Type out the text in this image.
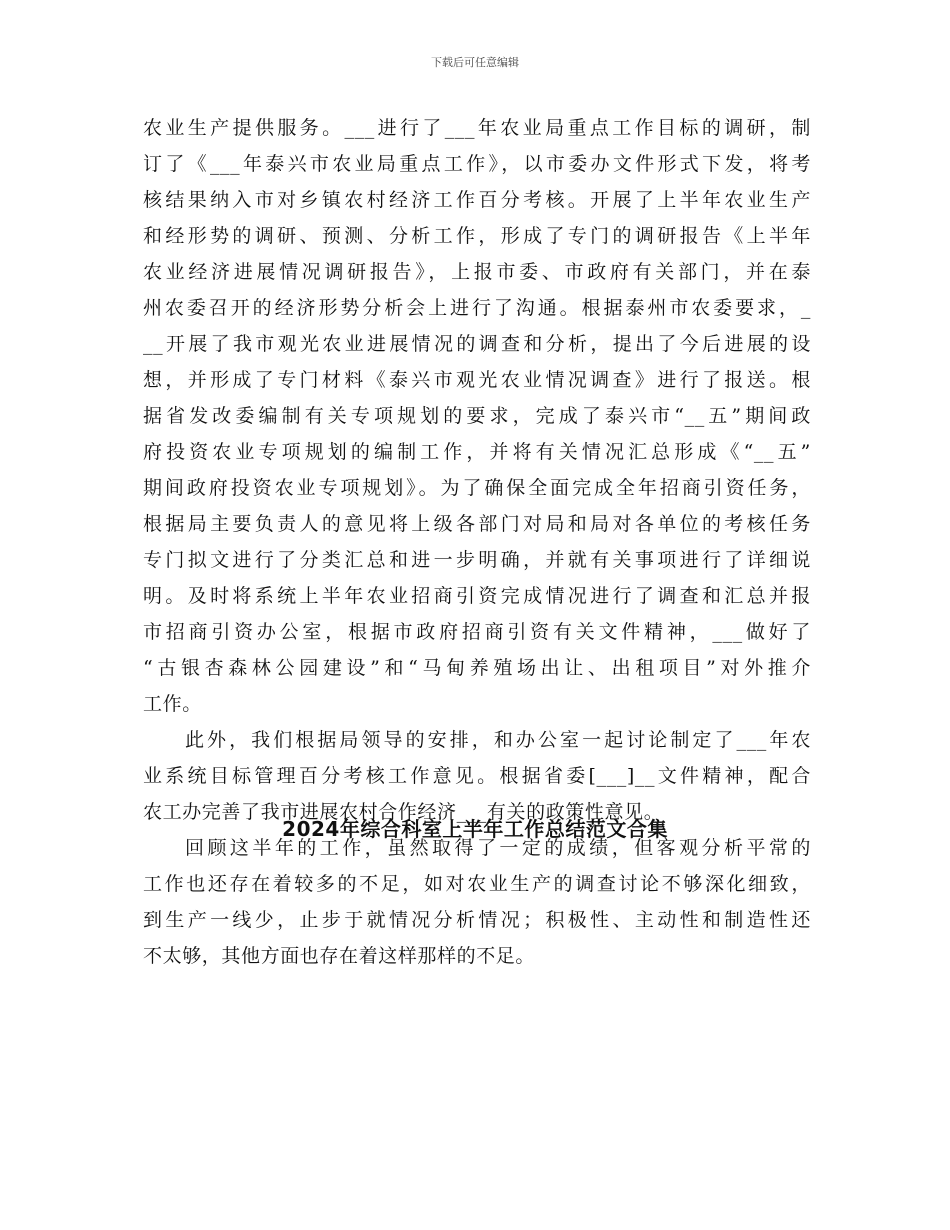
下载后可任意编辑
农业生产提供服务。___进行了___年农业局重点工作目标的调研，制
订了《___年泰兴市农业局重点工作》，以市委办文件形式下发，将考
核结果纳入市对乡镇农村经济工作百分考核。开展了上半年农业生产
和经形势的调研、预测、分析工作，形成了专门的调研报告《上半年
农业经济进展情况调研报告》，上报市委、市政府有关部门，并在泰
州农委召开的经济形势分析会上进行了沟通。根据泰州市农委要求，_
__开展了我市观光农业进展情况的调查和分析，提出了今后进展的设
想，并形成了专门材料《泰兴市观光农业情况调查》进行了报送。根
据省发改委编制有关专项规划的要求，完成了泰兴市“__五”期间政
府投资农业专项规划的编制工作，并将有关情况汇总形成《“__五”
期间政府投资农业专项规划》。为了确保全面完成全年招商引资任务，
根据局主要负责人的意见将上级各部门对局和局对各单位的考核任务
专门拟文进行了分类汇总和进一步明确，并就有关事项进行了详细说
明。及时将系统上半年农业招商引资完成情况进行了调查和汇总并报
市招商引资办公室，根据市政府招商引资有关文件精神，___做好了
“古银杏森林公园建设”和“马甸养殖场出让、出租项目”对外推介
工作。
此外，我们根据局领导的安排，和办公室一起讨论制定了___年农
业系统目标管理百分考核工作意见。根据省委[___]__文件精神，配合
农工办完善了我市进展农村合作经济___有关的政策性意见。
回顾这半年的工作，虽然取得了一定的成绩，但客观分析平常的
工作也还存在着较多的不足，如对农业生产的调查讨论不够深化细致，
到生产一线少，止步于就情况分析情况；积极性、主动性和制造性还
不太够，其他方面也存在着这样那样的不足。
2024年综合科室上半年工作总结范文合集
